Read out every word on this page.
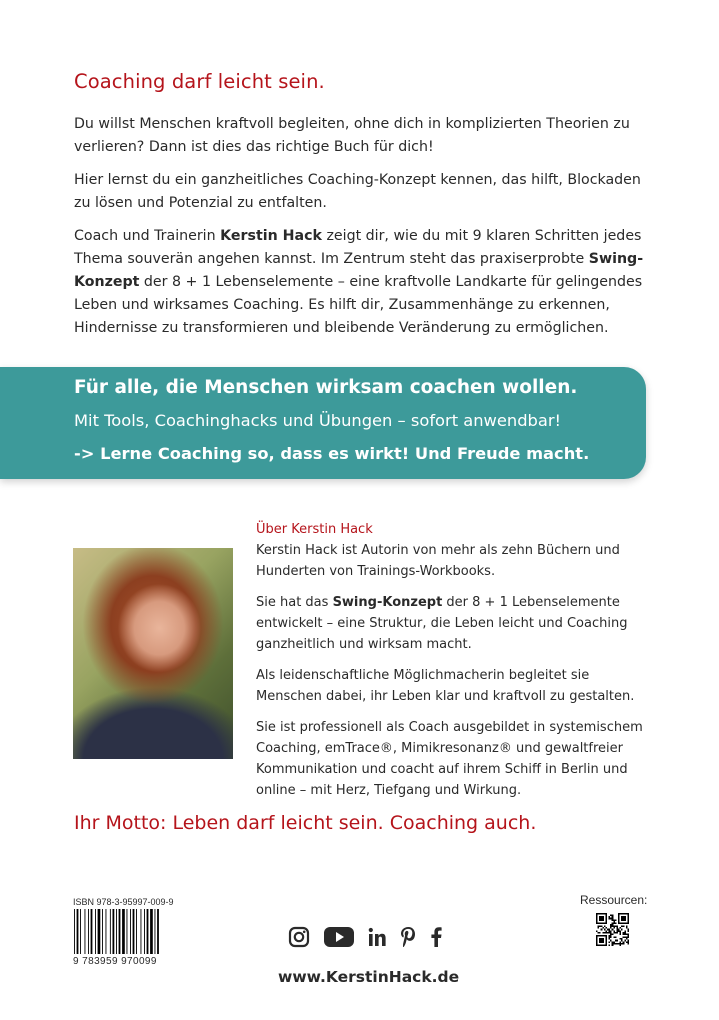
Coaching darf leicht sein.

Du willst Menschen kraftvoll begleiten, ohne dich in komplizierten Theorien zu verlieren? Dann ist dies das richtige Buch für dich!

Hier lernst du ein ganzheitliches Coaching-Konzept kennen, das hilft, Blockaden zu lösen und Potenzial zu entfalten.

Coach und Trainerin Kerstin Hack zeigt dir, wie du mit 9 klaren Schritten jedes Thema souverän angehen kannst. Im Zentrum steht das praxiserprobte Swing-Konzept der 8 + 1 Lebenselemente – eine kraftvolle Landkarte für gelingendes Leben und wirksames Coaching. Es hilft dir, Zusammenhänge zu erkennen, Hindernisse zu transformieren und bleibende Veränderung zu ermöglichen.

Für alle, die Menschen wirksam coachen wollen.
Mit Tools, Coachinghacks und Übungen – sofort anwendbar!
-> Lerne Coaching so, dass es wirkt! Und Freude macht.
Über Kerstin Hack

Kerstin Hack ist Autorin von mehr als zehn Büchern und Hunderten von Trainings-Workbooks.

Sie hat das Swing-Konzept der 8 + 1 Lebenselemente entwickelt – eine Struktur, die Leben leicht und Coaching ganzheitlich und wirksam macht.

Als leidenschaftliche Möglichmacherin begleitet sie Menschen dabei, ihr Leben klar und kraftvoll zu gestalten.

Sie ist professionell als Coach ausgebildet in systemischem Coaching, emTrace®, Mimikresonanz® und gewaltfreier Kommunikation und coacht auf ihrem Schiff in Berlin und online – mit Herz, Tiefgang und Wirkung.

Ihr Motto: Leben darf leicht sein. Coaching auch.

ISBN 978-3-95997-009-9
9 783959 970099
www.KerstinHack.de
Ressourcen:
